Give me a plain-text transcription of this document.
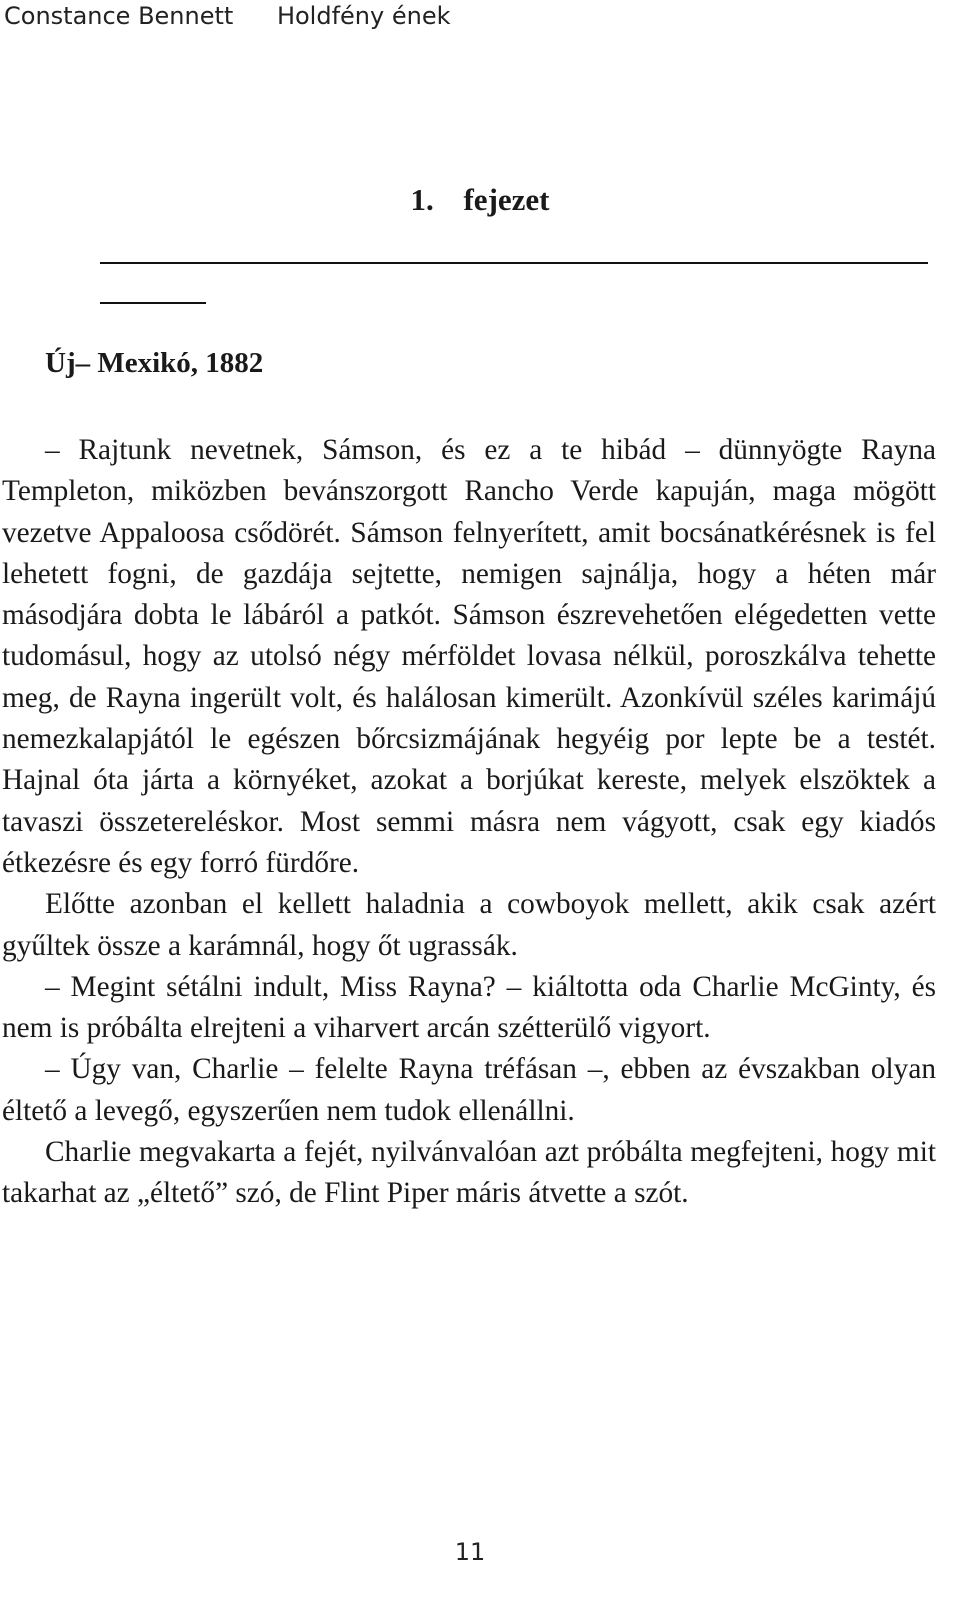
Constance Bennett Holdfény ének
1. fejezet
Új– Mexikó, 1882

– Rajtunk nevetnek, Sámson, és ez a te hibád – dünnyögte Rayna Templeton, miközben bevánszorgott Rancho Verde kapuján, maga mögött vezetve Appaloosa csődörét. Sámson felnyerített, amit bocsánatkérésnek is fel lehetett fogni, de gazdája sejtette, nemigen sajnálja, hogy a héten már másodjára dobta le lábáról a patkót. Sámson észrevehetően elégedetten vette tudomásul, hogy az utolsó négy mérföldet lovasa nélkül, poroszkálva tehette meg, de Rayna ingerült volt, és halálosan kimerült. Azonkívül széles karimájú nemezkalapjától le egészen bőrcsizmájának hegyéig por lepte be a testét. Hajnal óta járta a környéket, azokat a borjúkat kereste, melyek elszöktek a tavaszi összetereléskor. Most semmi másra nem vágyott, csak egy kiadós étkezésre és egy forró fürdőre.

Előtte azonban el kellett haladnia a cowboyok mellett, akik csak azért gyűltek össze a karámnál, hogy őt ugrassák.

– Megint sétálni indult, Miss Rayna? – kiáltotta oda Charlie McGinty, és nem is próbálta elrejteni a viharvert arcán szétterülő vigyort.

– Úgy van, Charlie – felelte Rayna tréfásan –, ebben az évszakban olyan éltető a levegő, egyszerűen nem tudok ellenállni.

Charlie megvakarta a fejét, nyilvánvalóan azt próbálta megfejteni, hogy mit takarhat az „éltető” szó, de Flint Piper máris átvette a szót.

11
